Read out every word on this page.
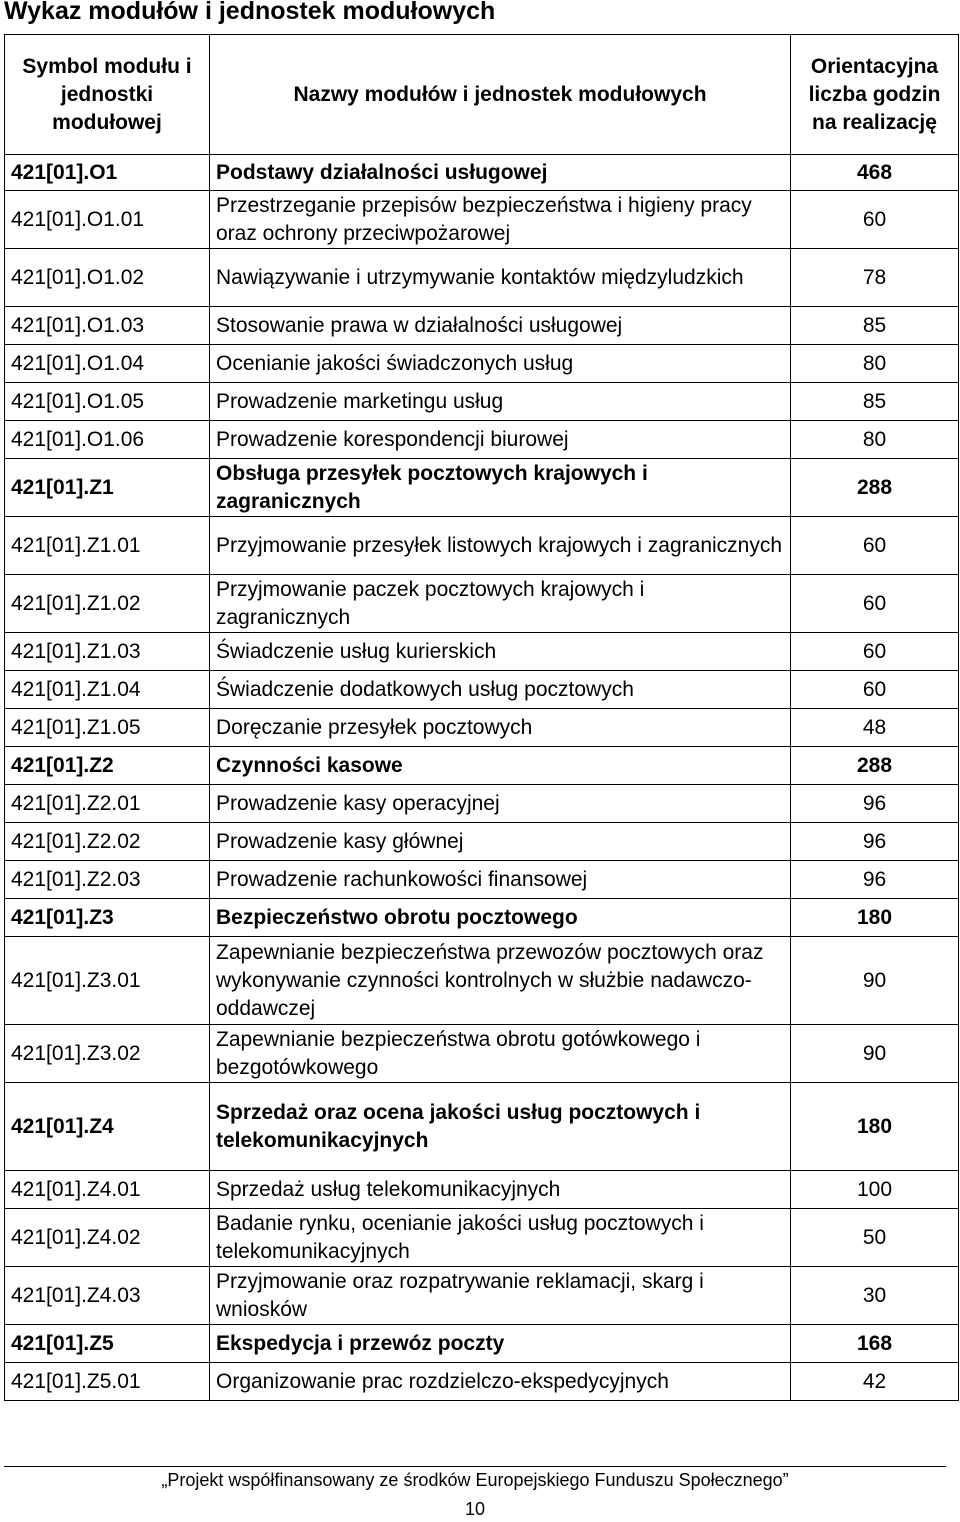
Wykaz modułów i jednostek modułowych
Symbol modułu i jednostki modułowej	Nazwy modułów i jednostek modułowych	Orientacyjna liczba godzin na realizację
421[01].O1	Podstawy działalności usługowej	468
421[01].O1.01	Przestrzeganie przepisów bezpieczeństwa i higieny pracy oraz ochrony przeciwpożarowej	60
421[01].O1.02	Nawiązywanie i utrzymywanie kontaktów międzyludzkich	78
421[01].O1.03	Stosowanie prawa w działalności usługowej	85
421[01].O1.04	Ocenianie jakości świadczonych usług	80
421[01].O1.05	Prowadzenie marketingu usług	85
421[01].O1.06	Prowadzenie korespondencji biurowej	80
421[01].Z1	Obsługa przesyłek pocztowych krajowych i zagranicznych	288
421[01].Z1.01	Przyjmowanie przesyłek listowych krajowych i zagranicznych	60
421[01].Z1.02	Przyjmowanie paczek pocztowych krajowych i zagranicznych	60
421[01].Z1.03	Świadczenie usług kurierskich	60
421[01].Z1.04	Świadczenie dodatkowych usług pocztowych	60
421[01].Z1.05	Doręczanie przesyłek pocztowych	48
421[01].Z2	Czynności kasowe	288
421[01].Z2.01	Prowadzenie kasy operacyjnej	96
421[01].Z2.02	Prowadzenie kasy głównej	96
421[01].Z2.03	Prowadzenie rachunkowości finansowej	96
421[01].Z3	Bezpieczeństwo obrotu pocztowego	180
421[01].Z3.01	Zapewnianie bezpieczeństwa przewozów pocztowych oraz wykonywanie czynności kontrolnych w służbie nadawczo-oddawczej	90
421[01].Z3.02	Zapewnianie bezpieczeństwa obrotu gotówkowego i bezgotówkowego	90
421[01].Z4	Sprzedaż oraz ocena jakości usług pocztowych i telekomunikacyjnych	180
421[01].Z4.01	Sprzedaż usług telekomunikacyjnych	100
421[01].Z4.02	Badanie rynku, ocenianie jakości usług pocztowych i telekomunikacyjnych	50
421[01].Z4.03	Przyjmowanie oraz rozpatrywanie reklamacji, skarg i wniosków	30
421[01].Z5	Ekspedycja i przewóz poczty	168
421[01].Z5.01	Organizowanie prac rozdzielczo-ekspedycyjnych	42
„Projekt współfinansowany ze środków Europejskiego Funduszu Społecznego”
10
